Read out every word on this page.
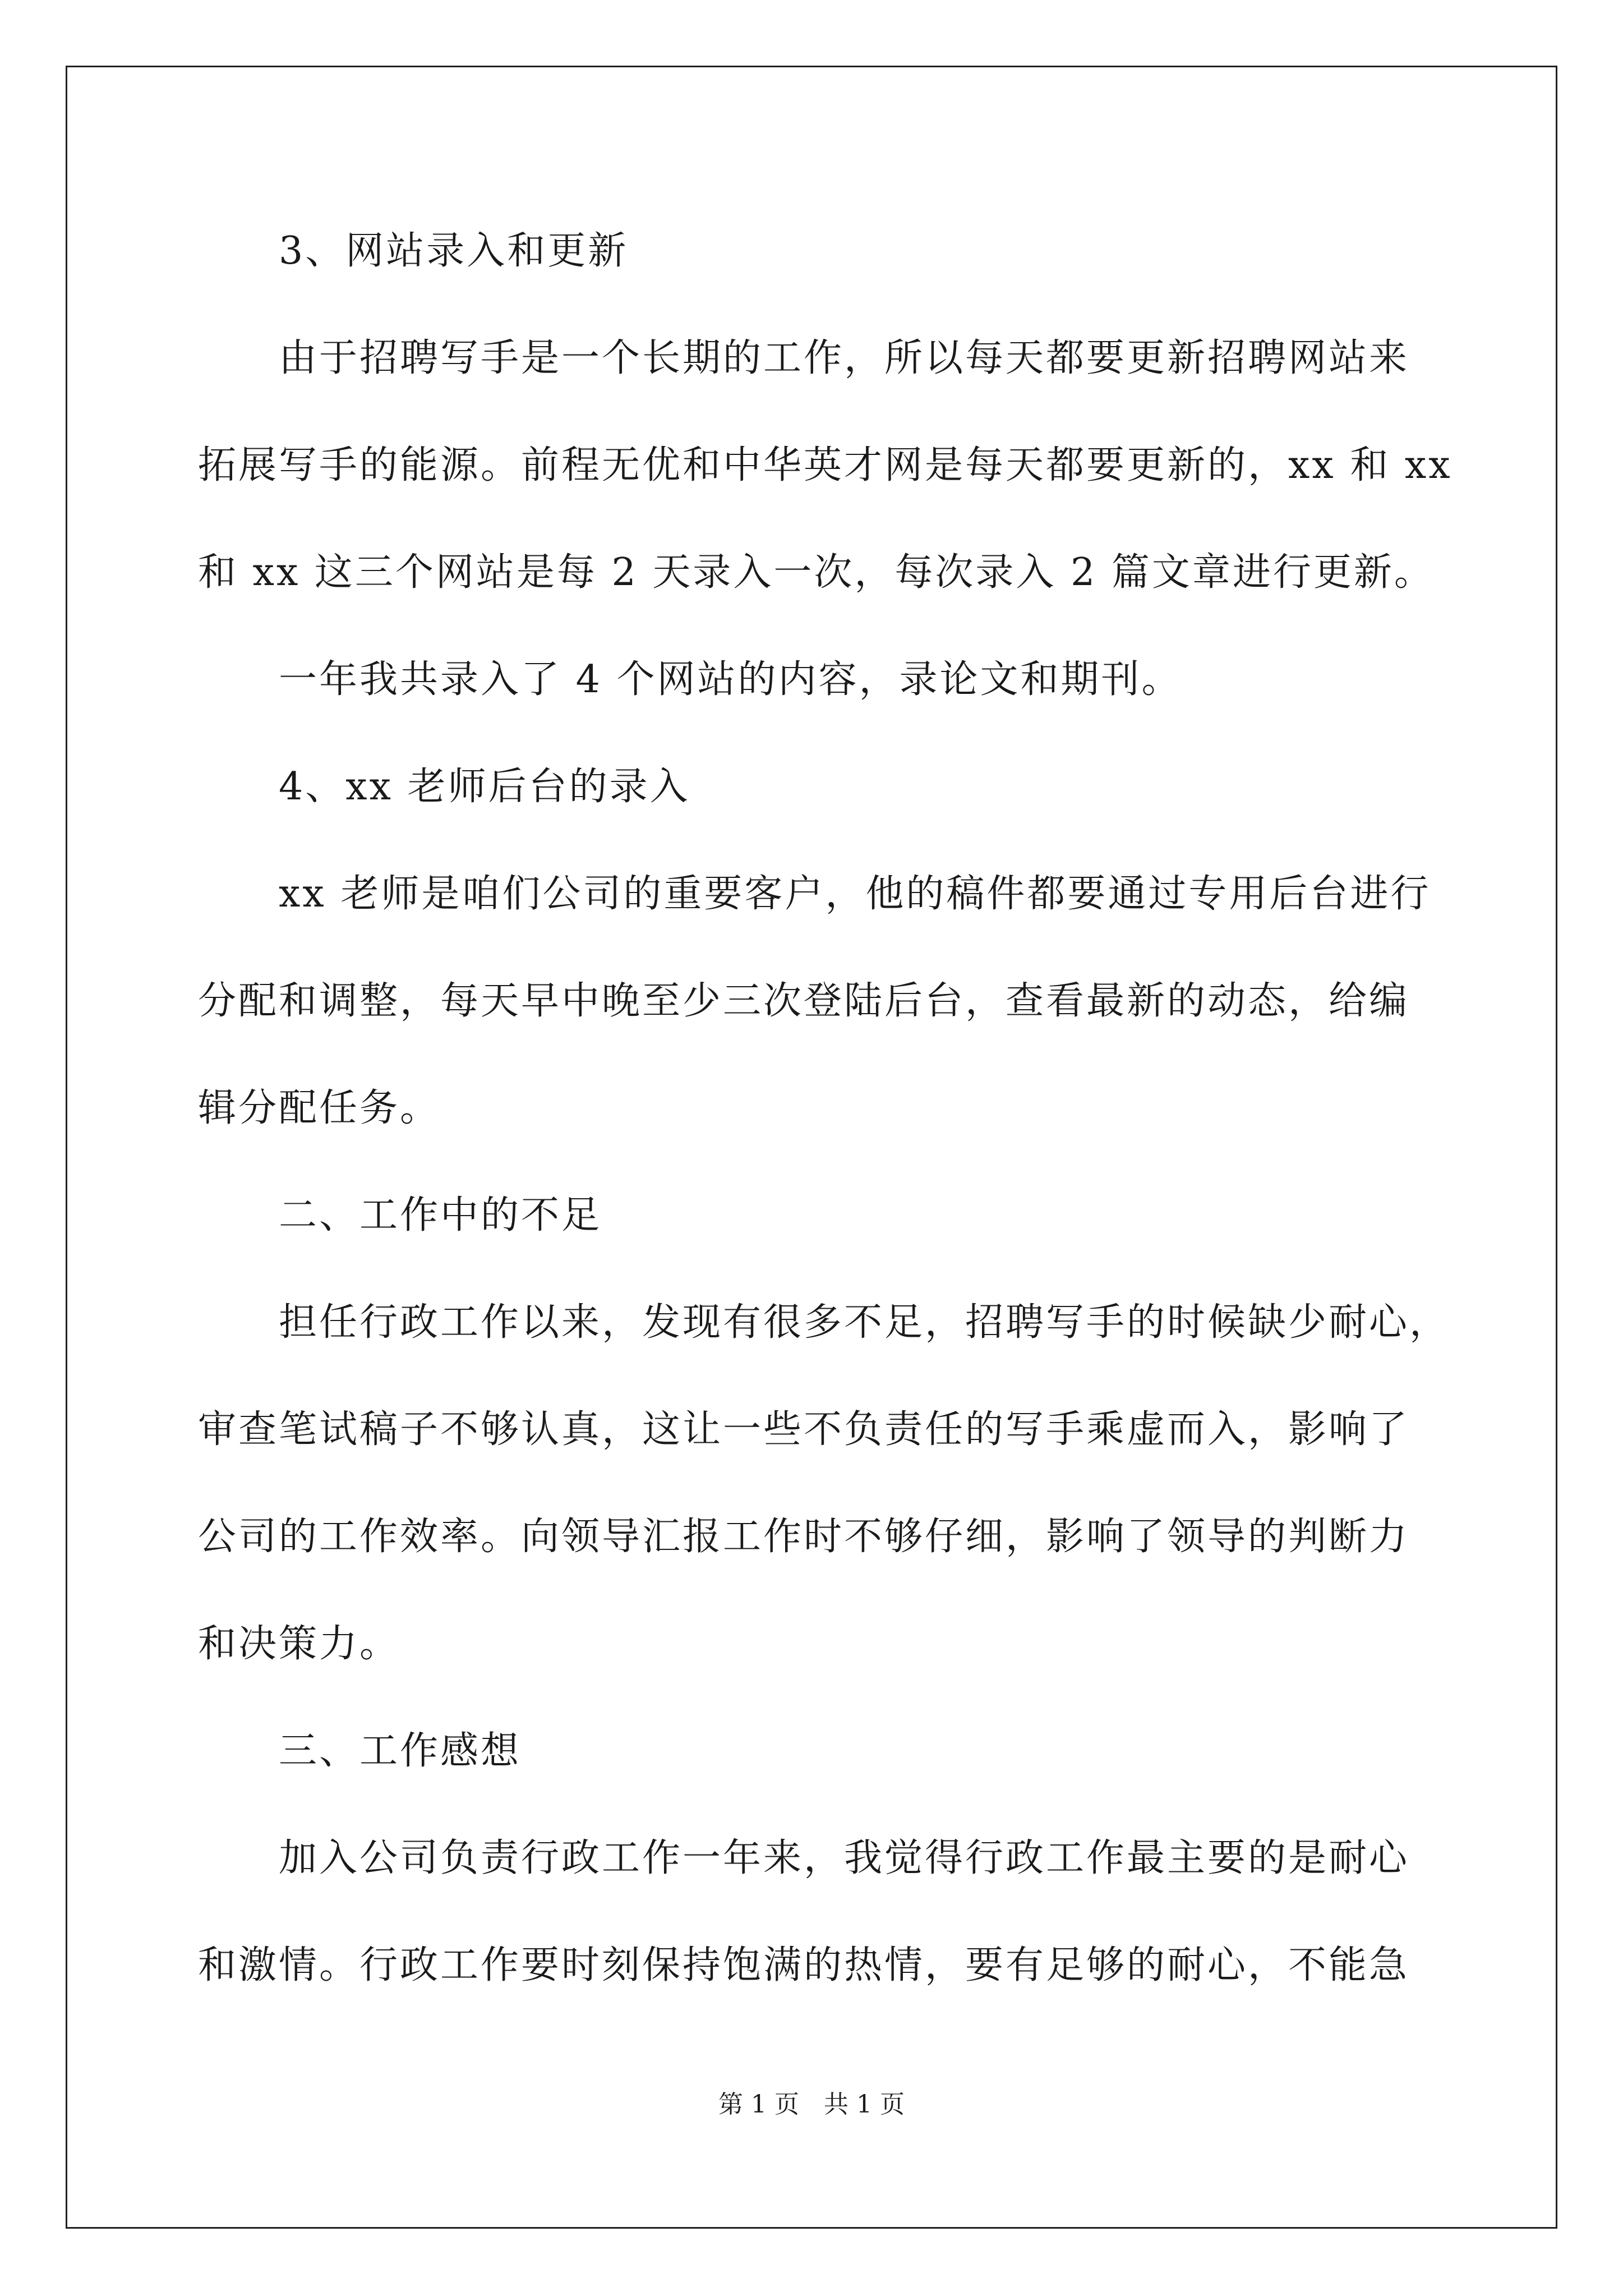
3、网站录入和更新
由于招聘写手是一个长期的工作，所以每天都要更新招聘网站来
拓展写手的能源。前程无优和中华英才网是每天都要更新的，xx 和 xx
和 xx 这三个网站是每 2 天录入一次，每次录入 2 篇文章进行更新。
一年我共录入了 4 个网站的内容，录论文和期刊。
4、xx 老师后台的录入
xx 老师是咱们公司的重要客户，他的稿件都要通过专用后台进行
分配和调整，每天早中晚至少三次登陆后台，查看最新的动态，给编
辑分配任务。
二、工作中的不足
担任行政工作以来，发现有很多不足，招聘写手的时候缺少耐心，
审查笔试稿子不够认真，这让一些不负责任的写手乘虚而入，影响了
公司的工作效率。向领导汇报工作时不够仔细，影响了领导的判断力
和决策力。
三、工作感想
加入公司负责行政工作一年来，我觉得行政工作最主要的是耐心
和激情。行政工作要时刻保持饱满的热情，要有足够的耐心，不能急
第 1 页 共 1 页
